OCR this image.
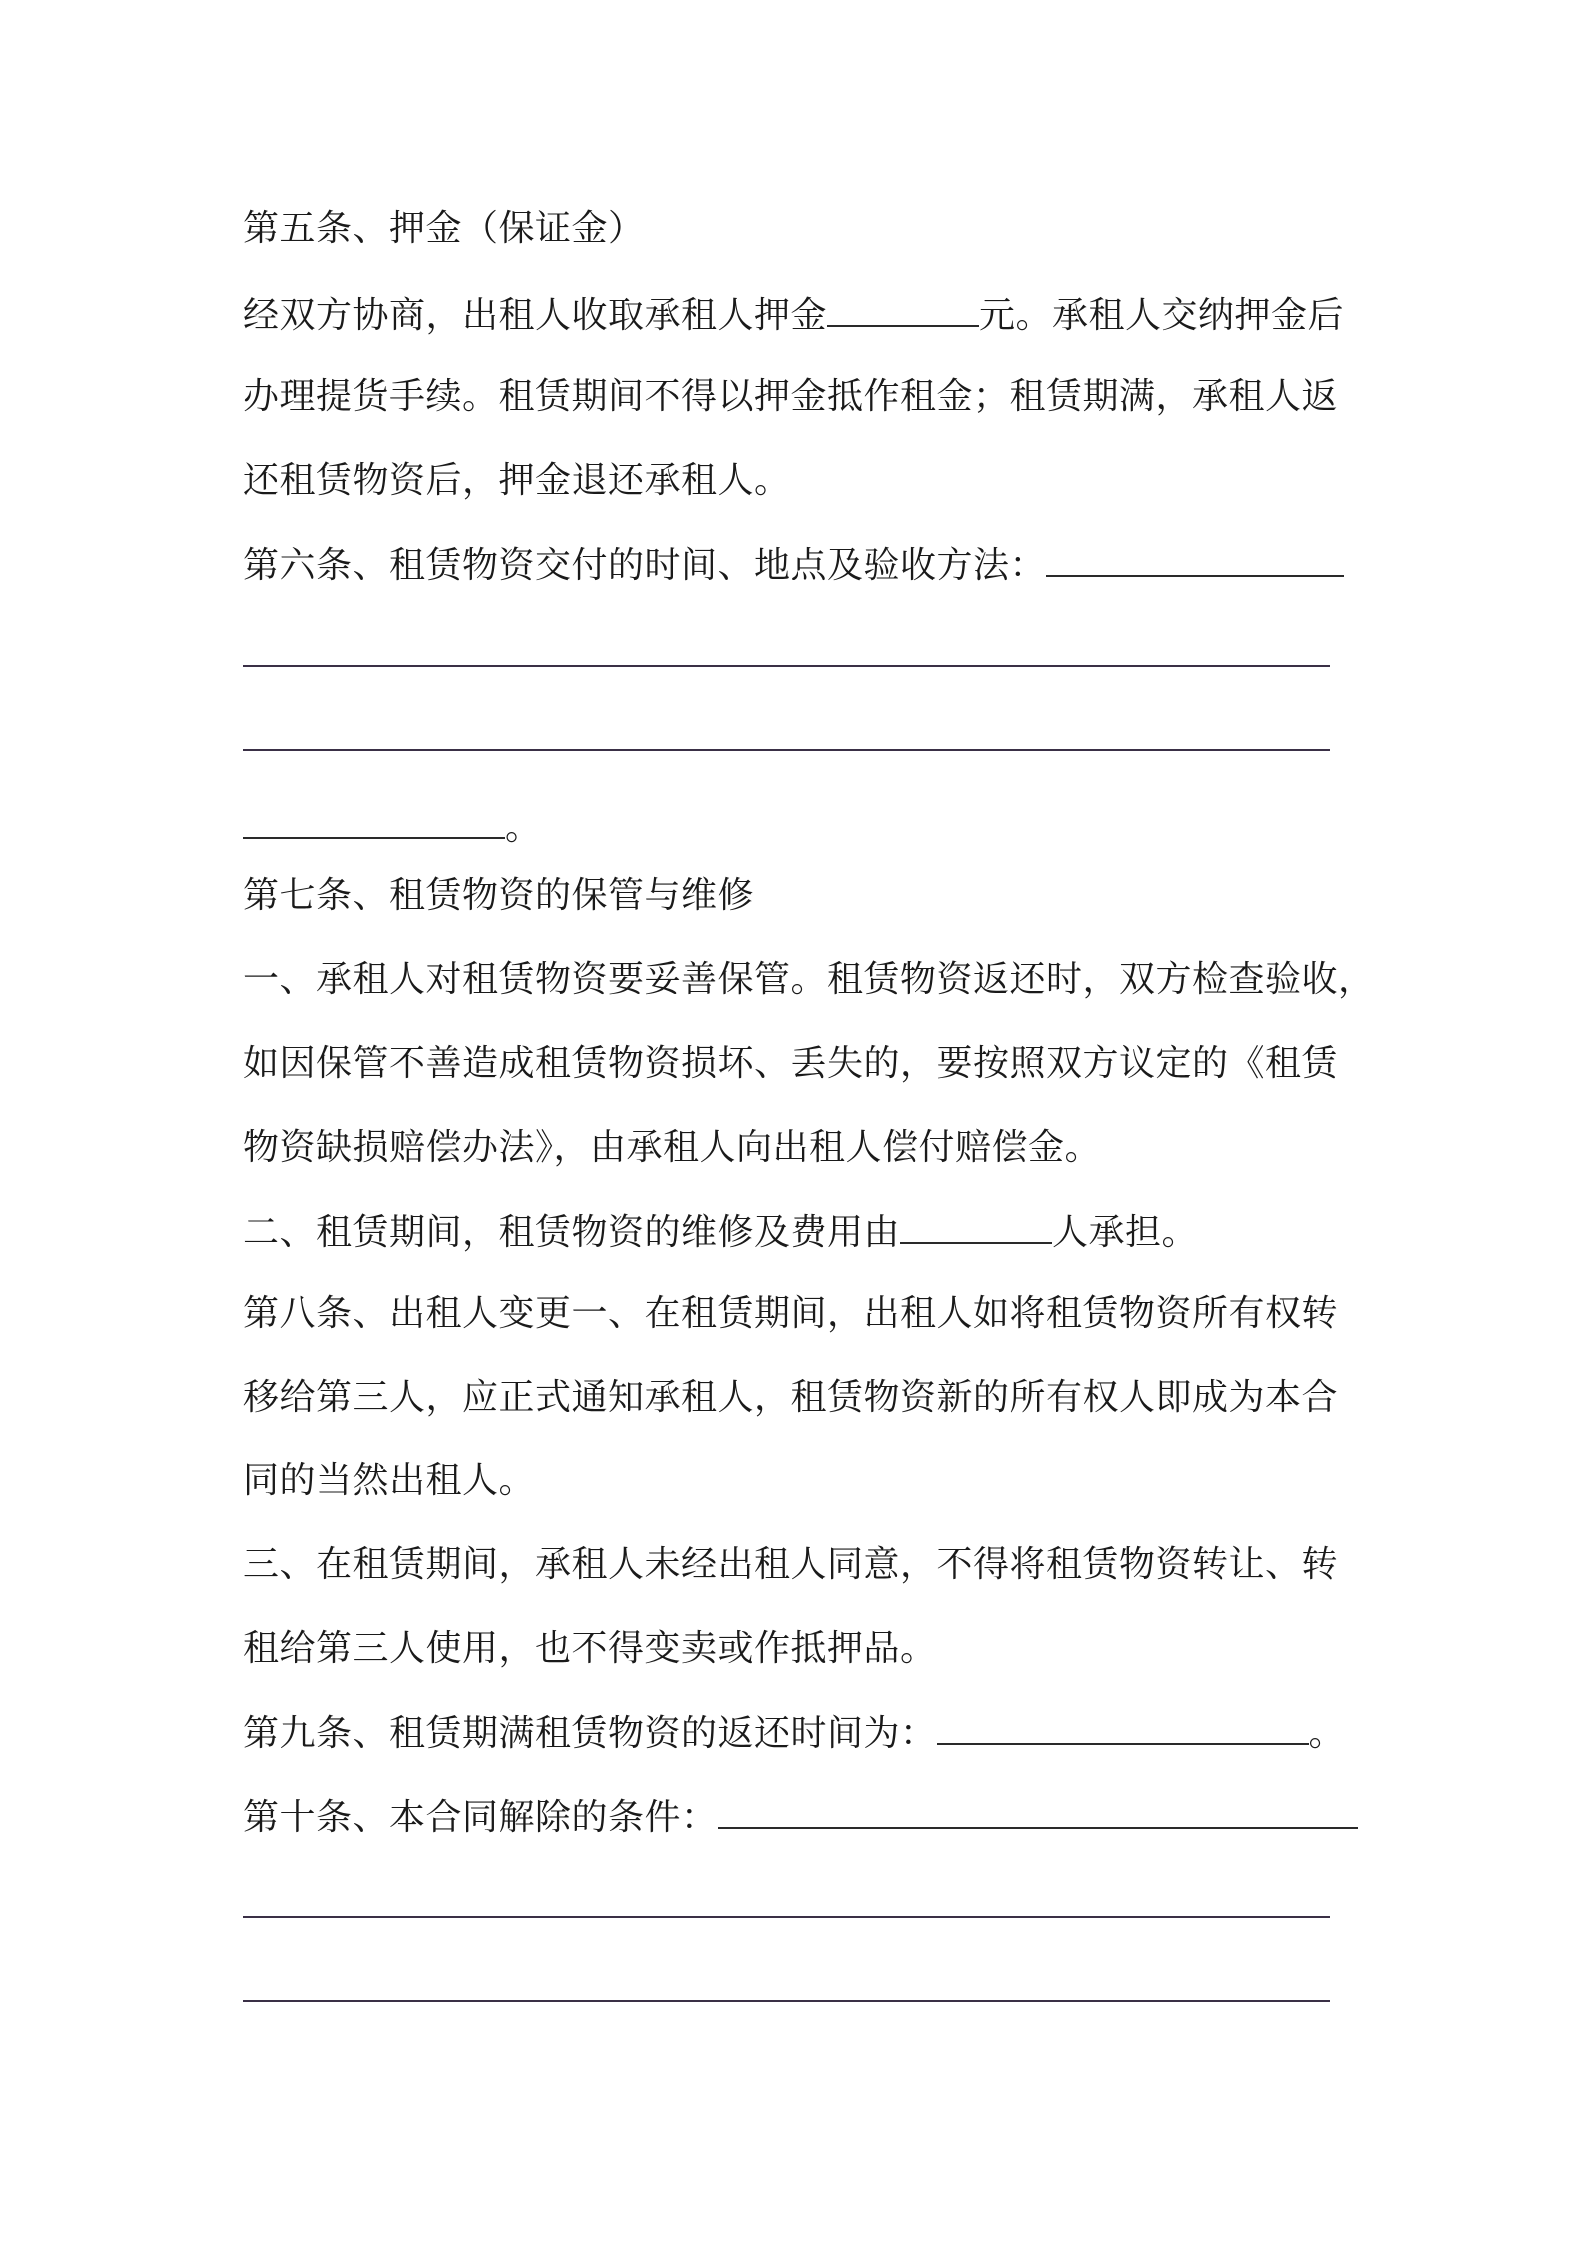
第五条、押金（保证金）
经双方协商，出租人收取承租人押金	元。承租人交纳押金后
办理提货手续。租赁期间不得以押金抵作租金；租赁期满，承租人返
还租赁物资后，押金退还承租人。
第六条、租赁物资交付的时间、地点及验收方法：
。
第七条、租赁物资的保管与维修
一、承租人对租赁物资要妥善保管。租赁物资返还时，双方检查验收，
如因保管不善造成租赁物资损坏、丢失的，要按照双方议定的《租赁
物资缺损赔偿办法》，由承租人向出租人偿付赔偿金。
二、租赁期间，租赁物资的维修及费用由	人承担。
第八条、出租人变更一、在租赁期间，出租人如将租赁物资所有权转
移给第三人，应正式通知承租人，租赁物资新的所有权人即成为本合
同的当然出租人。
三、在租赁期间，承租人未经出租人同意，不得将租赁物资转让、转
租给第三人使用，也不得变卖或作抵押品。
第九条、租赁期满租赁物资的返还时间为：	。
第十条、本合同解除的条件：
